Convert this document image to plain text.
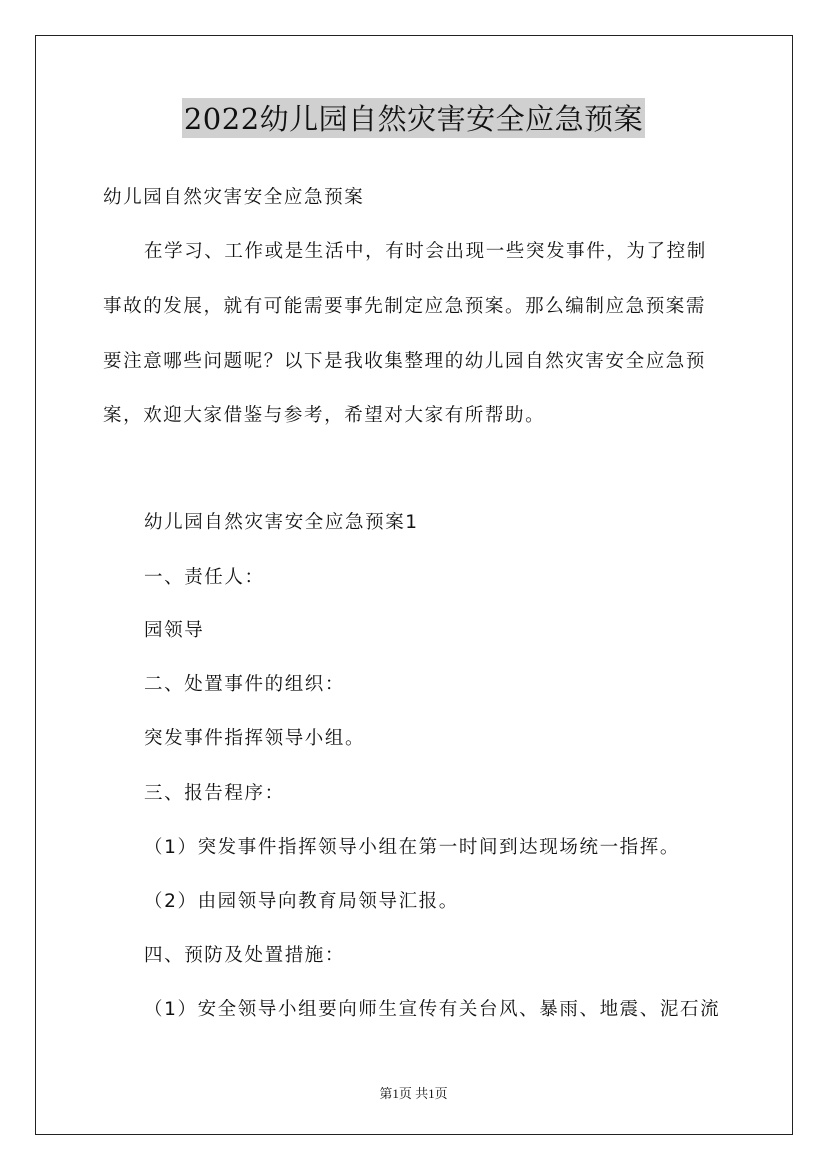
2022幼儿园自然灾害安全应急预案
幼儿园自然灾害安全应急预案
在学习、工作或是生活中，有时会出现一些突发事件，为了控制
事故的发展，就有可能需要事先制定应急预案。那么编制应急预案需
要注意哪些问题呢？以下是我收集整理的幼儿园自然灾害安全应急预
案，欢迎大家借鉴与参考，希望对大家有所帮助。
幼儿园自然灾害安全应急预案1
一、责任人：
园领导
二、处置事件的组织：
突发事件指挥领导小组。
三、报告程序：
（1）突发事件指挥领导小组在第一时间到达现场统一指挥。
（2）由园领导向教育局领导汇报。
四、预防及处置措施：
（1）安全领导小组要向师生宣传有关台风、暴雨、地震、泥石流
第1页 共1页
